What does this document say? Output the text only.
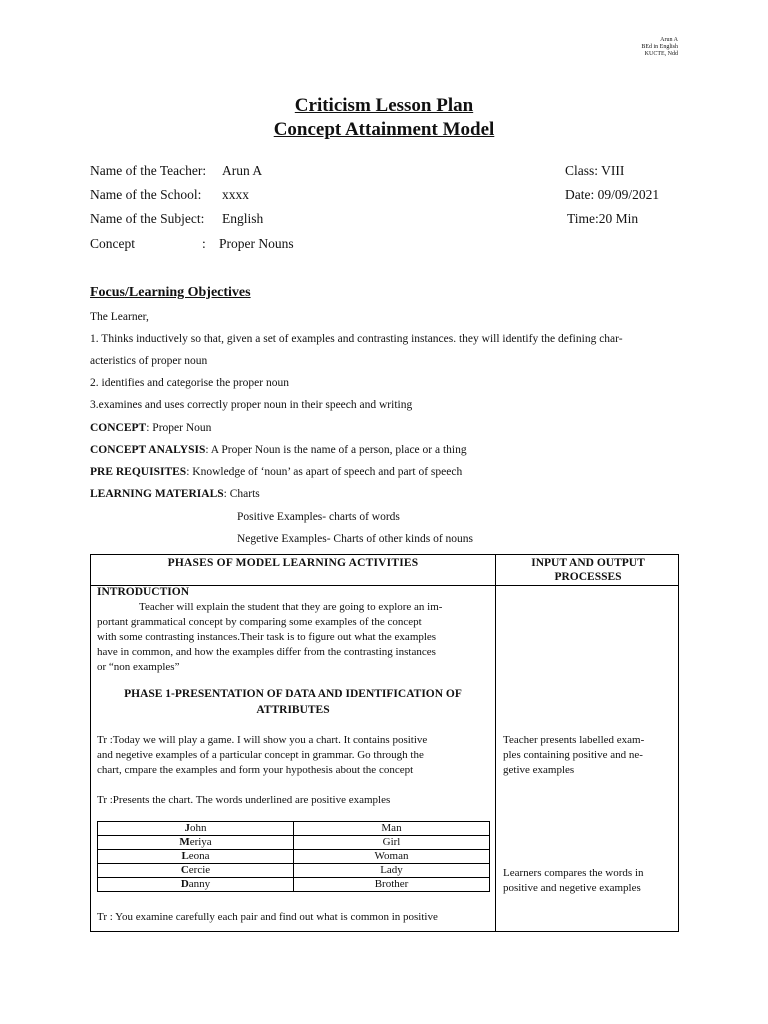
Arun A
BEd in English
KUCTE, Ndd
Criticism Lesson Plan
Concept Attainment Model
Name of the Teacher: Arun A	Class: VIII
Name of the School: xxxx	Date: 09/09/2021
Name of the Subject: English	Time:20 Min
Concept	: Proper Nouns
Focus/Learning Objectives
The Learner,
1. Thinks inductively so that, given a set of examples and contrasting instances. they will identify the defining char-
acteristics of proper noun
2. identifies and categorise the proper noun
3.examines and uses correctly proper noun in their speech and writing
CONCEPT: Proper Noun
CONCEPT ANALYSIS: A Proper Noun is the name of a person, place or a thing
PRE REQUISITES: Knowledge of ‘noun’ as apart of speech and part of speech
LEARNING MATERIALS: Charts
Positive Examples- charts of words
Negetive Examples- Charts of other kinds of nouns
PHASES OF MODEL LEARNING ACTIVITIES	INPUT AND OUTPUT
PROCESSES
INTRODUCTION
Teacher will explain the student that they are going to explore an im-
portant grammatical concept by comparing some examples of the concept
with some contrasting instances.Their task is to figure out what the examples
have in common, and how the examples differ from the contrasting instances
or “non examples”
PHASE 1-PRESENTATION OF DATA AND IDENTIFICATION OF
ATTRIBUTES
Tr :Today we will play a game. I will show you a chart. It contains positive
and negetive examples of a particular concept in grammar. Go through the
chart, cmpare the examples and form your hypothesis about the concept
Tr :Presents the chart. The words underlined are positive examples
John	Man
Meriya	Girl
Leona	Woman
Cercie	Lady
Danny	Brother
Tr : You examine carefully each pair and find out what is common in positive
Teacher presents labelled exam-
ples containing positive and ne-
getive examples
Learners compares the words in
positive and negetive examples
